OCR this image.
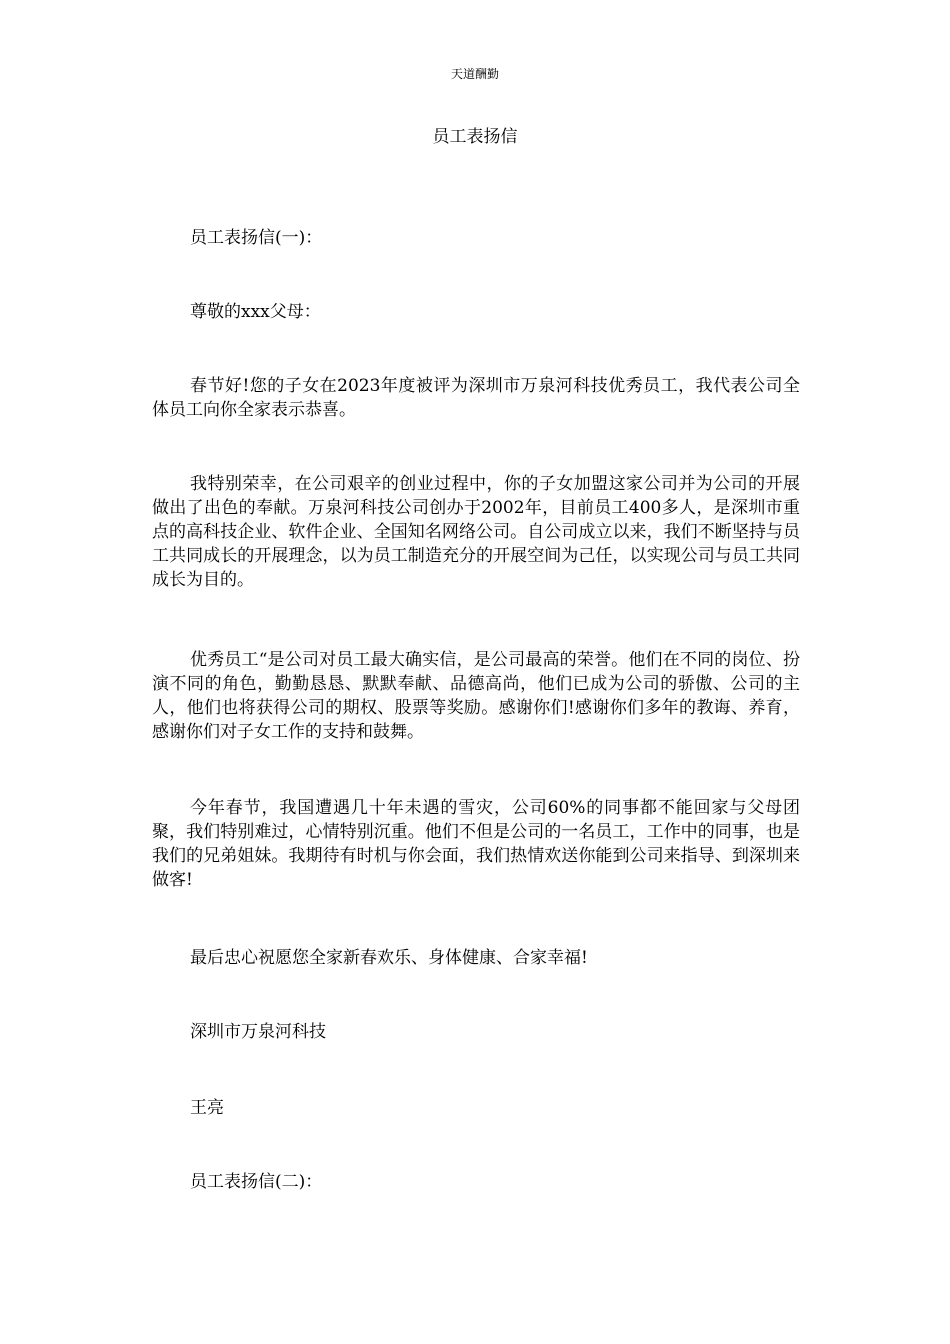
天道酬勤
员工表扬信

员工表扬信(一)：

尊敬的xxx父母：

春节好!您的子女在2023年度被评为深圳市万泉河科技优秀员工，我代表公司全体员工向你全家表示恭喜。

我特别荣幸，在公司艰辛的创业过程中，你的子女加盟这家公司并为公司的开展做出了出色的奉献。万泉河科技公司创办于2002年，目前员工400多人，是深圳市重点的高科技企业、软件企业、全国知名网络公司。自公司成立以来，我们不断坚持与员工共同成长的开展理念，以为员工制造充分的开展空间为己任，以实现公司与员工共同成长为目的。

优秀员工“是公司对员工最大确实信，是公司最高的荣誉。他们在不同的岗位、扮演不同的角色，勤勤恳恳、默默奉献、品德高尚，他们已成为公司的骄傲、公司的主人，他们也将获得公司的期权、股票等奖励。感谢你们!感谢你们多年的教诲、养育，感谢你们对子女工作的支持和鼓舞。

今年春节，我国遭遇几十年未遇的雪灾，公司60%的同事都不能回家与父母团聚，我们特别难过，心情特别沉重。他们不但是公司的一名员工，工作中的同事，也是我们的兄弟姐妹。我期待有时机与你会面，我们热情欢送你能到公司来指导、到深圳来做客!

最后忠心祝愿您全家新春欢乐、身体健康、合家幸福!

深圳市万泉河科技

王亮

员工表扬信(二)：
